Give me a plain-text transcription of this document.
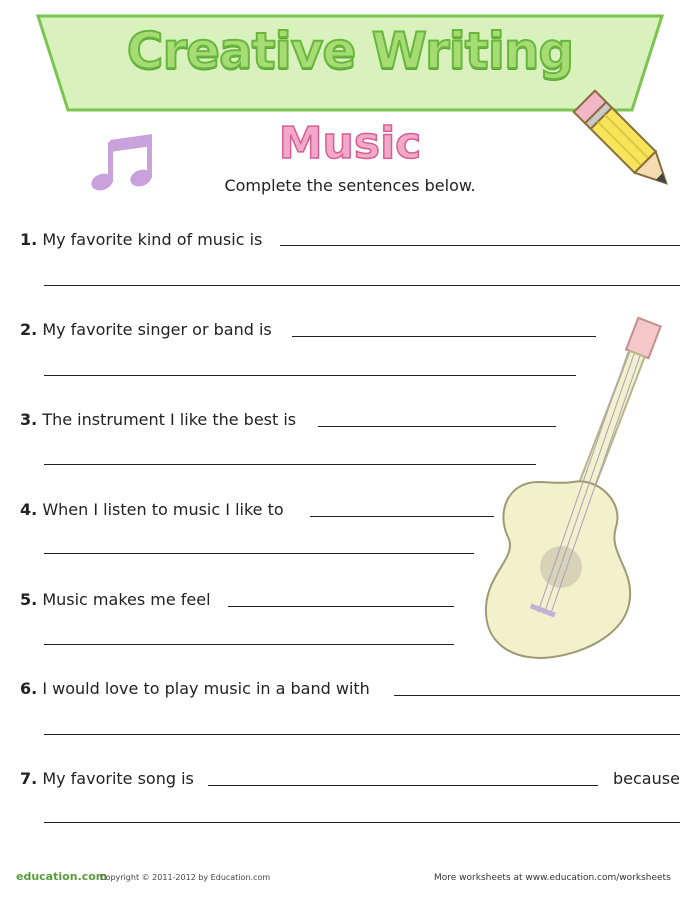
Creative Writing
Music
Complete the sentences below.
1. My favorite kind of music is
2. My favorite singer or band is
3. The instrument I like the best is
4. When I listen to music I like to
5. Music makes me feel
6. I would love to play music in a band with
7. My favorite song is	because
education.com
Copyright © 2011-2012 by Education.com	More worksheets at www.education.com/worksheets
